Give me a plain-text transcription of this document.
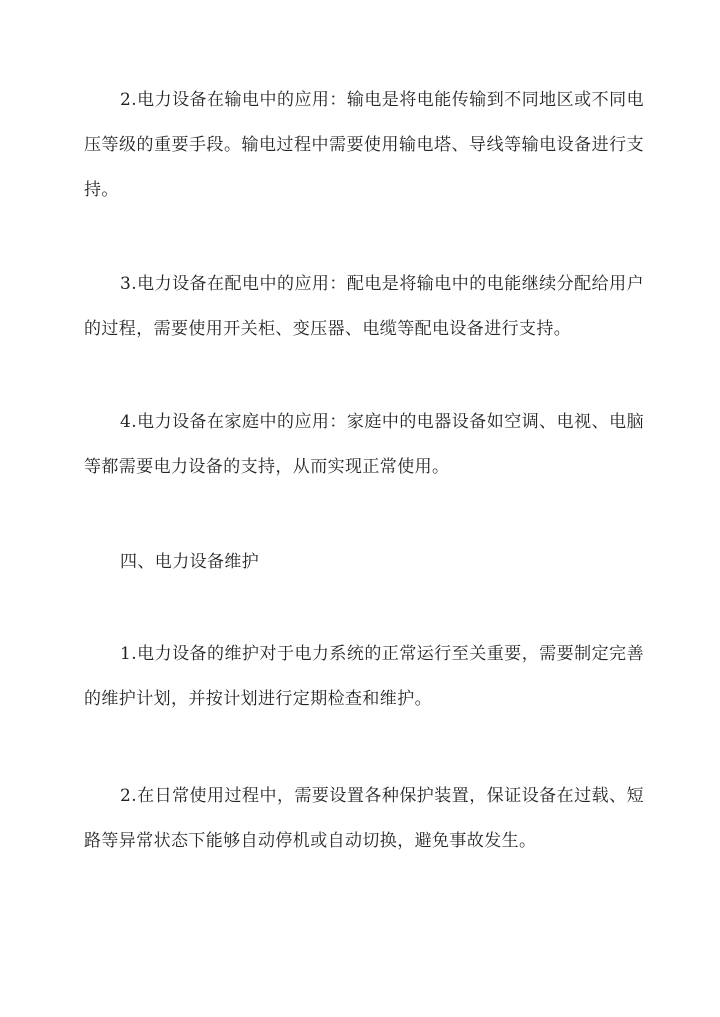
2.电力设备在输电中的应用：输电是将电能传输到不同地区或不同电压等级的重要手段。输电过程中需要使用输电塔、导线等输电设备进行支持。

3.电力设备在配电中的应用：配电是将输电中的电能继续分配给用户的过程，需要使用开关柜、变压器、电缆等配电设备进行支持。

4.电力设备在家庭中的应用：家庭中的电器设备如空调、电视、电脑等都需要电力设备的支持，从而实现正常使用。

四、电力设备维护

1.电力设备的维护对于电力系统的正常运行至关重要，需要制定完善的维护计划，并按计划进行定期检查和维护。

2.在日常使用过程中，需要设置各种保护装置，保证设备在过载、短路等异常状态下能够自动停机或自动切换，避免事故发生。
